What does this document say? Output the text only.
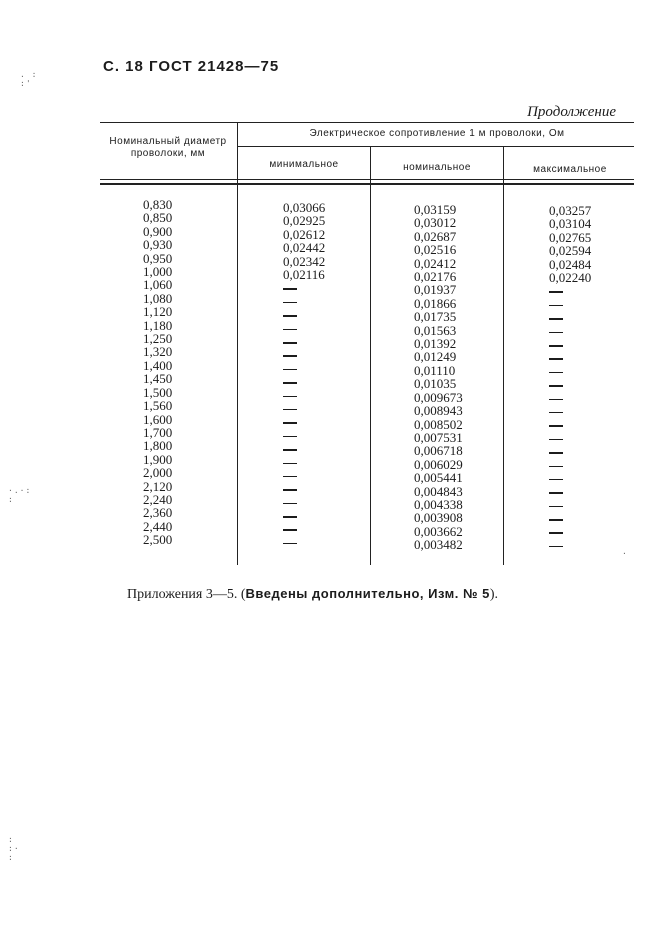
С. 18 ГОСТ 21428—75
Продолжение
Номинальный диаметр проволоки, мм
Электрическое сопротивление 1 м проволоки, Ом
минимальное	номинальное	максимальное
0,830
0,850
0,900
0,930
0,950
1,000
1,060
1,080
1,120
1,180
1,250
1,320
1,400
1,450
1,500
1,560
1,600
1,700
1,800
1,900
2,000
2,120
2,240
2,360
2,440
2,500
0,03066
0,02925
0,02612
0,02442
0,02342
0,02116
0,03159
0,03012
0,02687
0,02516
0,02412
0,02176
0,01937
0,01866
0,01735
0,01563
0,01392
0,01249
0,01110
0,01035
0,009673
0,008943
0,008502
0,007531
0,006718
0,006029
0,005441
0,004843
0,004338
0,003908
0,003662
0,003482
0,03257
0,03104
0,02765
0,02594
0,02484
0,02240
Приложения 3—5. (Введены дополнительно, Изм. № 5).
. :
:'
·.·:
:
:
:·
:
·
